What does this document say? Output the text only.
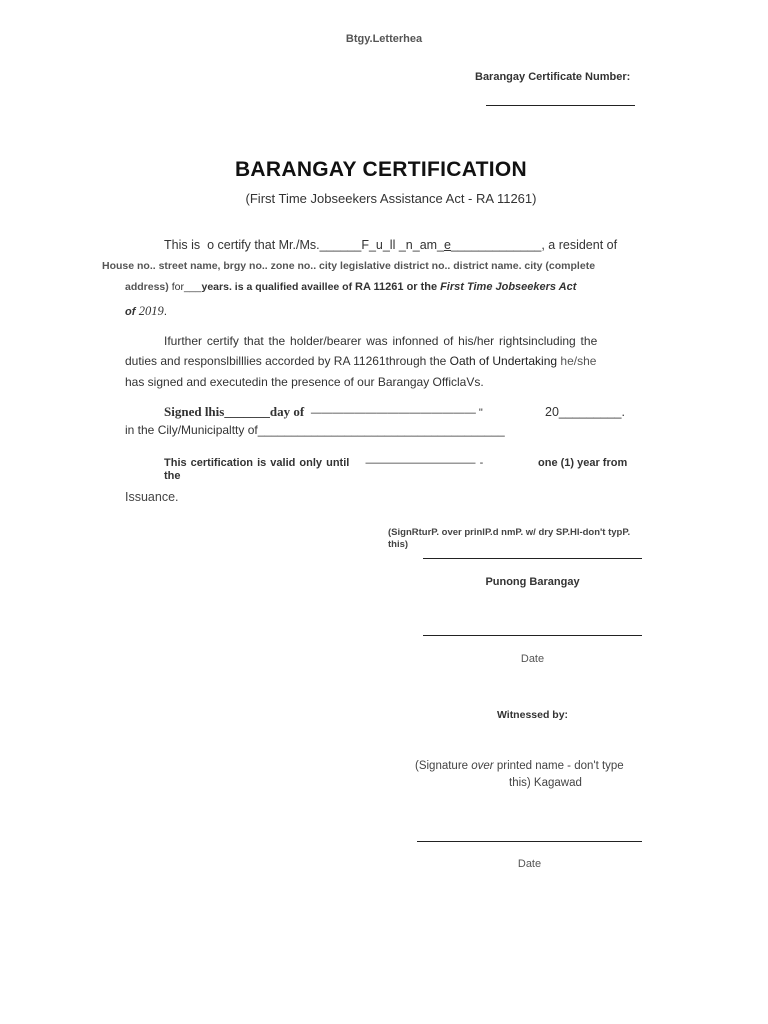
Btgy.Letterhea
Barangay Certificate Number:
BARANGAY CERTIFICATION
(First Time Jobseekers Assistance Act - RA 11261)
This is o certify that Mr./Ms.______F_u_ll _n_am_e_____________, a resident of
House no.. street name, brgy no.. zone no.. city legislative district no.. district name. city (complete
address) for___years. is a qualified availlee of RA 11261 or the First Time Jobseekers Act
of 2019.
Ifurther certify that the holder/bearer was infonned of his/her rightsincluding the
duties and responslbilllies accorded by RA 11261through the Oath of Undertaking he/she
has signed and executedin the presence of our Barangay OfficlaVs.
Signed lhis_______day of ——————————————— "	20_________.
in the Cily/Municipaltty of_____________________________________
This certification is valid only until —————————— -	one (1) year from
the
Issuance.
(SignRturP. over prinlP.d nmP. w/ dry SP.Hl-don't typP.
this)
Punong Barangay
Date
Witnessed by:
(Signature over printed name - don't type
this) Kagawad
Date
